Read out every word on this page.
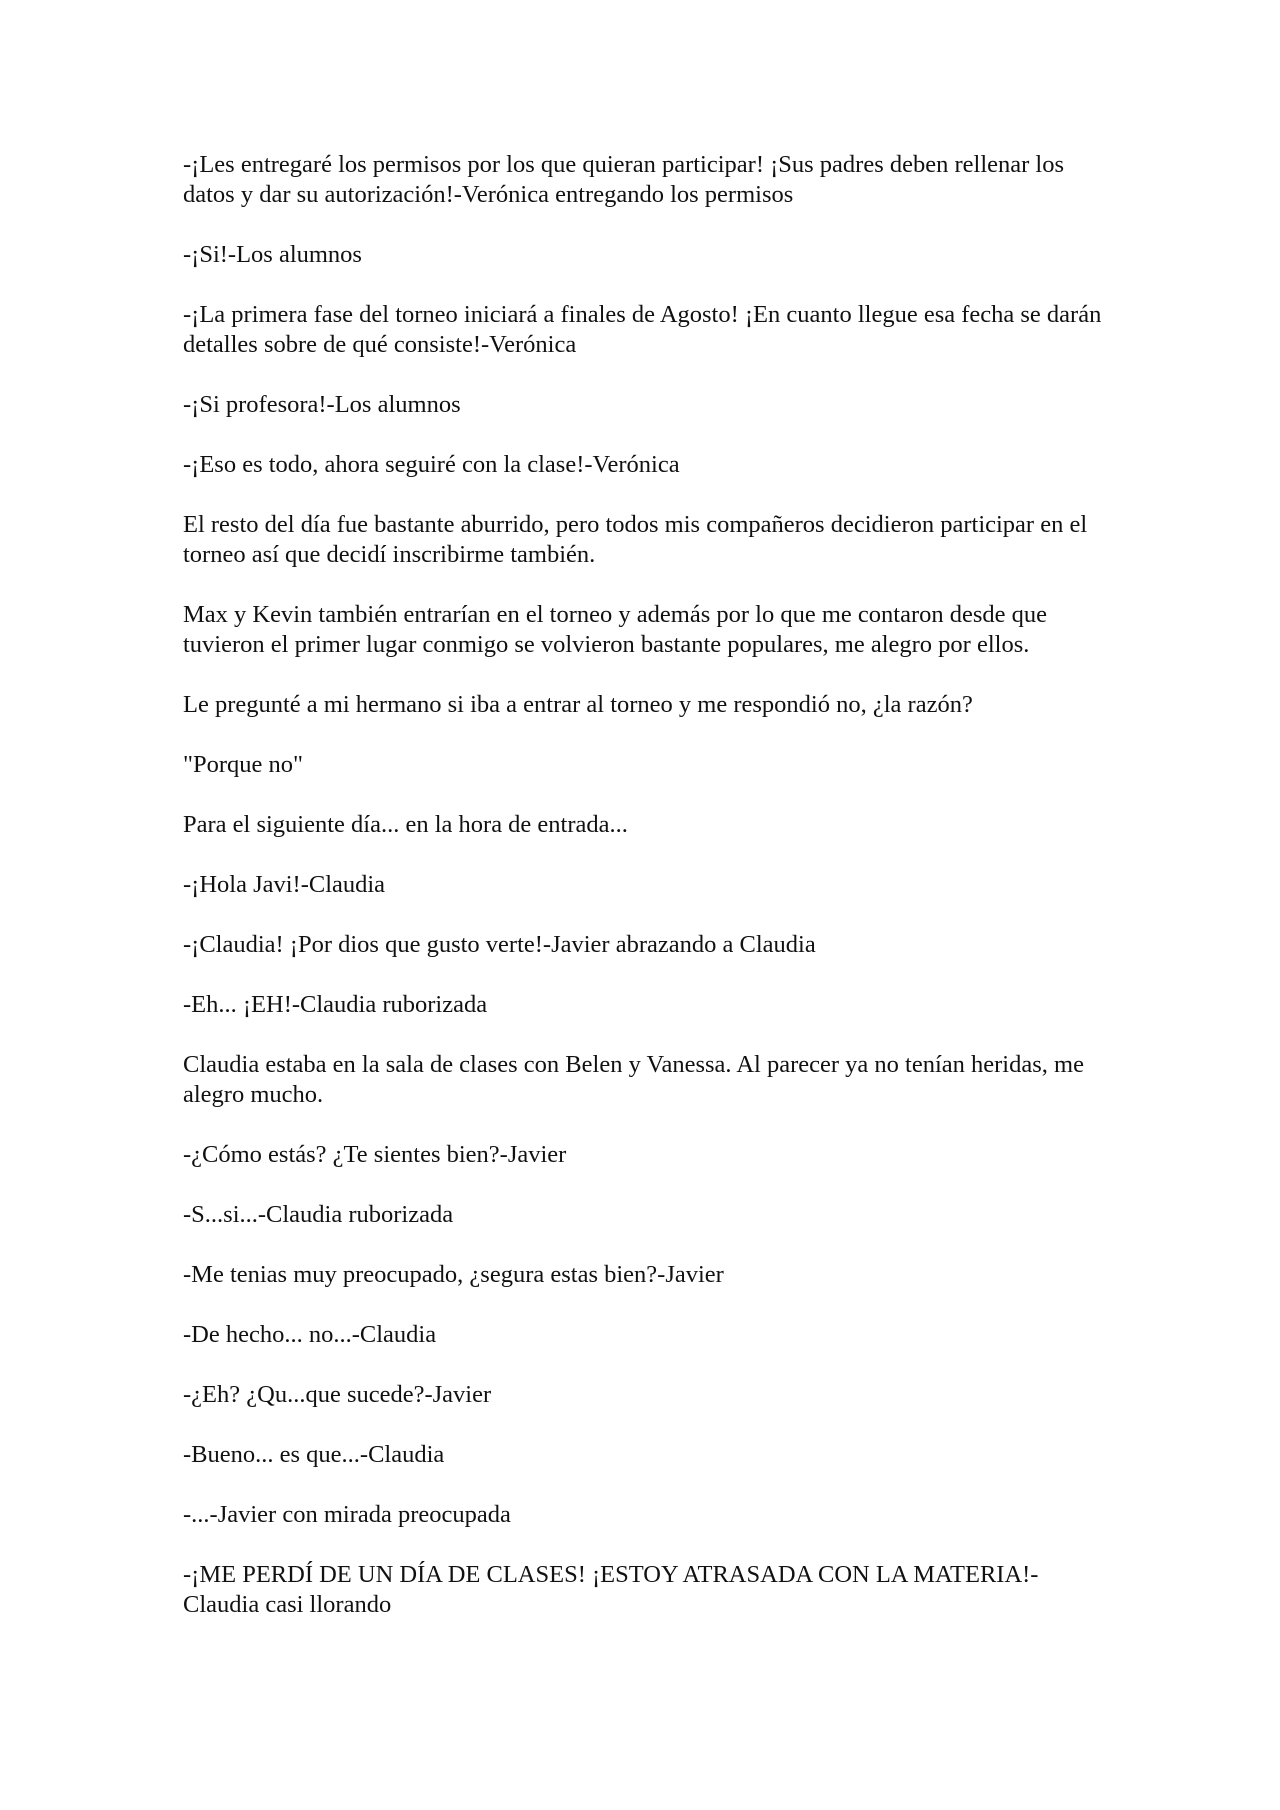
-¡Les entregaré los permisos por los que quieran participar! ¡Sus padres deben rellenar los datos y dar su autorización!-Verónica entregando los permisos

-¡Si!-Los alumnos

-¡La primera fase del torneo iniciará a finales de Agosto! ¡En cuanto llegue esa fecha se darán detalles sobre de qué consiste!-Verónica

-¡Si profesora!-Los alumnos

-¡Eso es todo, ahora seguiré con la clase!-Verónica

El resto del día fue bastante aburrido, pero todos mis compañeros decidieron participar en el torneo así que decidí inscribirme también.

Max y Kevin también entrarían en el torneo y además por lo que me contaron desde que tuvieron el primer lugar conmigo se volvieron bastante populares, me alegro por ellos.

Le pregunté a mi hermano si iba a entrar al torneo y me respondió no, ¿la razón?

"Porque no"

Para el siguiente día... en la hora de entrada...

-¡Hola Javi!-Claudia

-¡Claudia! ¡Por dios que gusto verte!-Javier abrazando a Claudia

-Eh... ¡EH!-Claudia ruborizada

Claudia estaba en la sala de clases con Belen y Vanessa. Al parecer ya no tenían heridas, me alegro mucho.

-¿Cómo estás? ¿Te sientes bien?-Javier

-S...si...-Claudia ruborizada

-Me tenias muy preocupado, ¿segura estas bien?-Javier

-De hecho... no...-Claudia

-¿Eh? ¿Qu...que sucede?-Javier

-Bueno... es que...-Claudia

-...-Javier con mirada preocupada

-¡ME PERDÍ DE UN DÍA DE CLASES! ¡ESTOY ATRASADA CON LA MATERIA!-Claudia casi llorando
